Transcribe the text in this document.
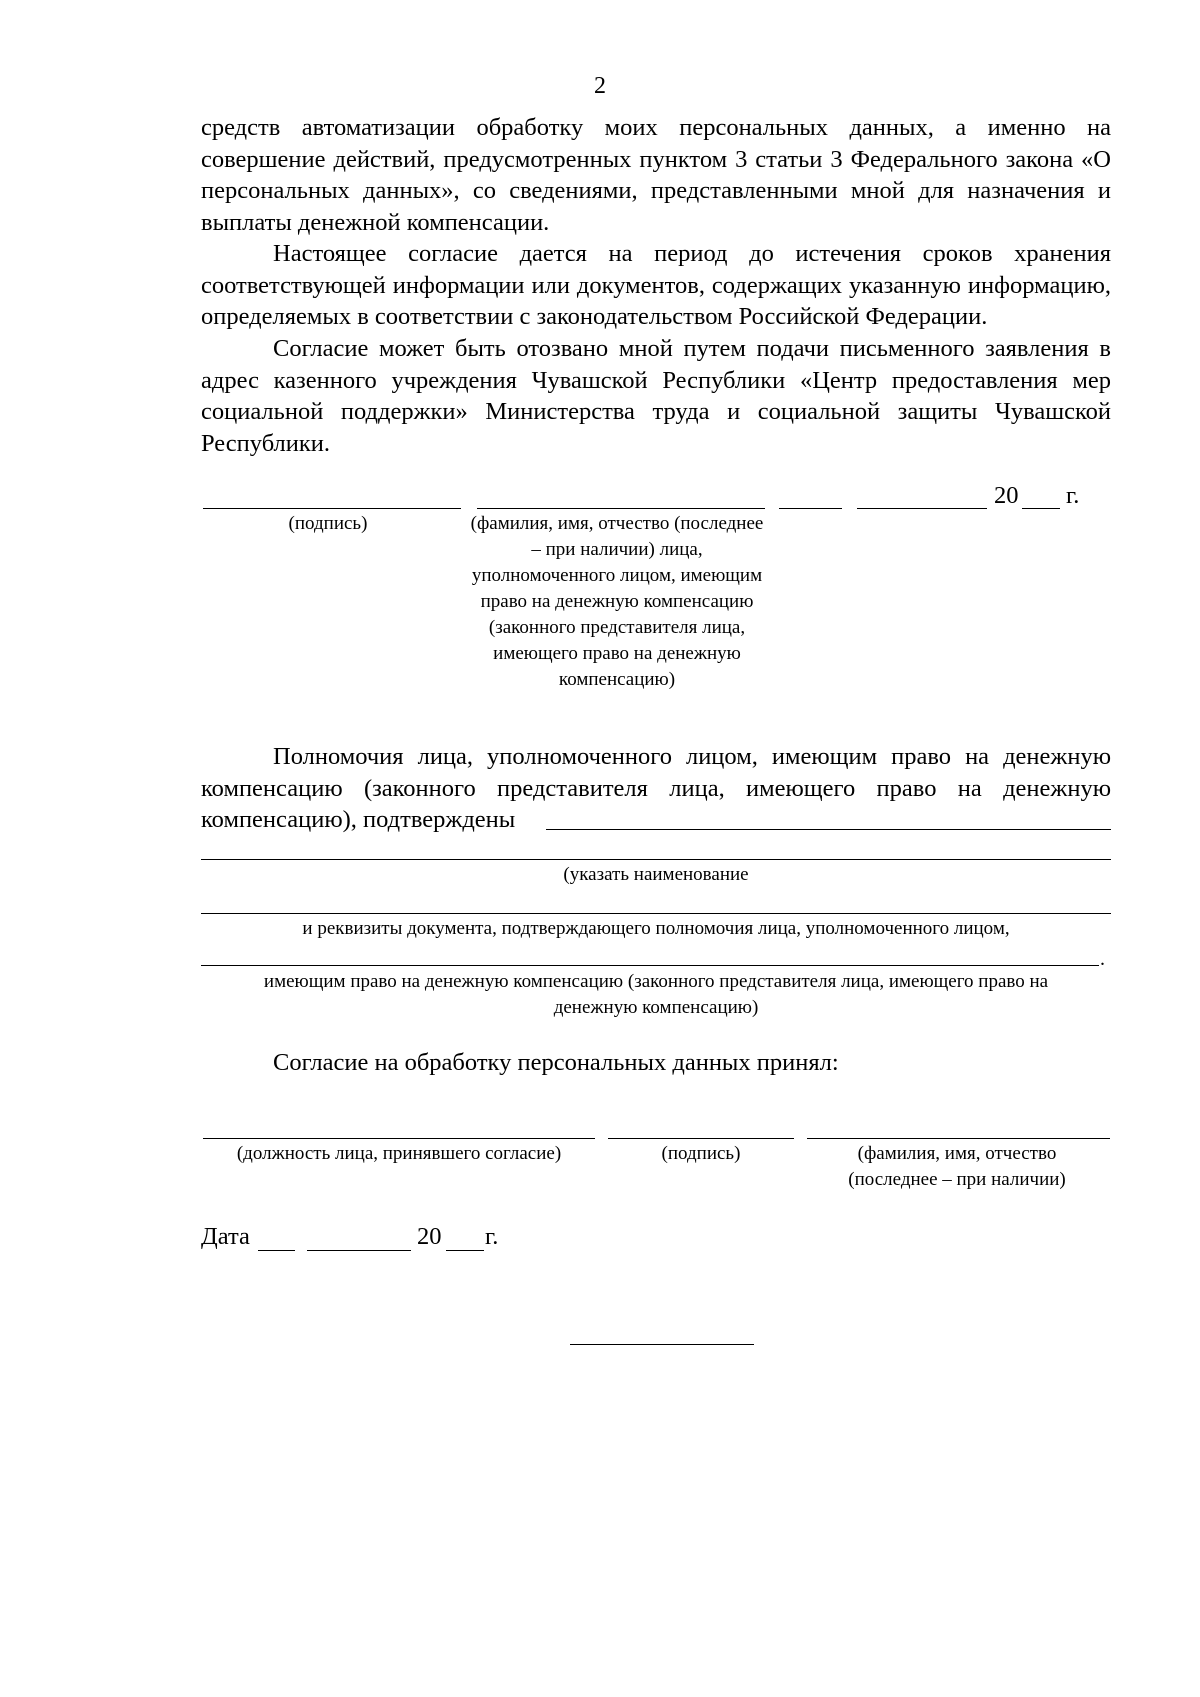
2

средств автоматизации обработку моих персональных данных, а именно на совершение действий, предусмотренных пунктом 3 статьи 3 Федерального закона «О персональных данных», со сведениями, представленными мной для назначения и выплаты денежной компенсации.

Настоящее согласие дается на период до истечения сроков хранения соответствующей информации или документов, содержащих указанную информацию, определяемых в соответствии с законодательством Российской Федерации.

Согласие может быть отозвано мной путем подачи письменного заявления в адрес казенного учреждения Чувашской Республики «Центр предоставления мер социальной поддержки» Министерства труда и социальной защиты Чувашской Республики.

20 г.

(подпись)	(фамилия, имя, отчество (последнее – при наличии) лица, уполномоченного лицом, имеющим право на денежную компенсацию (законного представителя лица, имеющего право на денежную компенсацию)

Полномочия лица, уполномоченного лицом, имеющим право на денежную компенсацию (законного представителя лица, имеющего право на денежную компенсацию), подтверждены

(указать наименование

и реквизиты документа, подтверждающего полномочия лица, уполномоченного лицом,

.

имеющим право на денежную компенсацию (законного представителя лица, имеющего право на денежную компенсацию)

Согласие на обработку персональных данных принял:

(должность лица, принявшего согласие)	(подпись)	(фамилия, имя, отчество (последнее – при наличии)

Дата	20 г.
